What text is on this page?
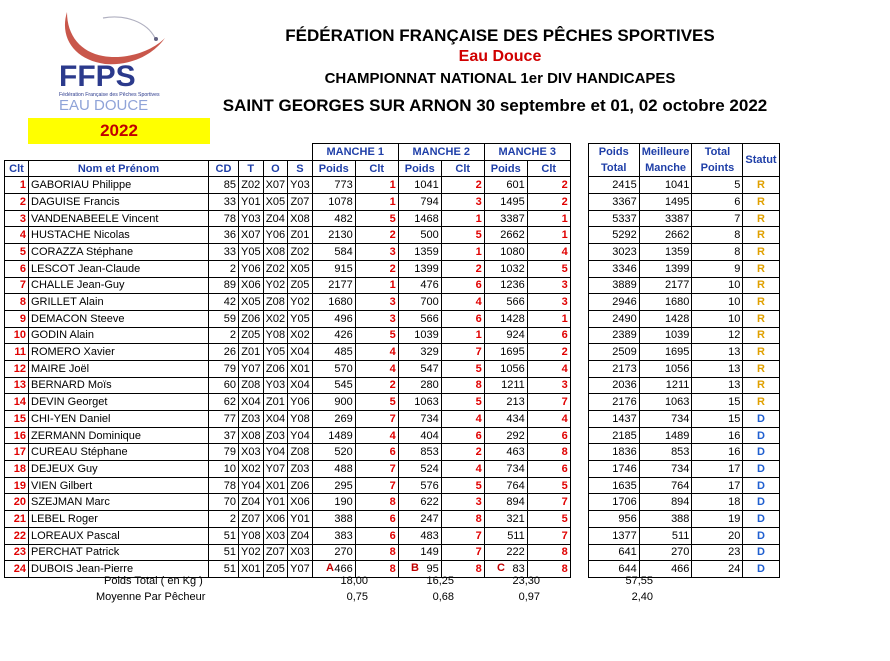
FFPS
Fédération Française des Pêches Sportives
EAU DOUCE
FÉDÉRATION FRANÇAISE DES PÊCHES SPORTIVES
Eau Douce
CHAMPIONNAT NATIONAL 1er DIV HANDICAPES
SAINT GEORGES SUR ARNON 30 septembre et 01, 02 octobre 2022
2022
						MANCHE 1		MANCHE 2		MANCHE 3			Poids	Meilleure	Total	Statut
Clt	Nom et Prénom	CD	T	O	S	Poids	Clt	Poids	Clt	Poids	Clt		Total	Manche	Points	
1	GABORIAU Philippe	85	Z02	X07	Y03	773	1	1041	2	601	2		2415	1041	5	R
2	DAGUISE Francis	33	Y01	X05	Z07	1078	1	794	3	1495	2		3367	1495	6	R
3	VANDENABEELE Vincent	78	Y03	Z04	X08	482	5	1468	1	3387	1		5337	3387	7	R
4	HUSTACHE Nicolas	36	X07	Y06	Z01	2130	2	500	5	2662	1		5292	2662	8	R
5	CORAZZA Stéphane	33	Y05	X08	Z02	584	3	1359	1	1080	4		3023	1359	8	R
6	LESCOT Jean-Claude	2	Y06	Z02	X05	915	2	1399	2	1032	5		3346	1399	9	R
7	CHALLE Jean-Guy	89	X06	Y02	Z05	2177	1	476	6	1236	3		3889	2177	10	R
8	GRILLET Alain	42	X05	Z08	Y02	1680	3	700	4	566	3		2946	1680	10	R
9	DEMACON Steeve	59	Z06	X02	Y05	496	3	566	6	1428	1		2490	1428	10	R
10	GODIN Alain	2	Z05	Y08	X02	426	5	1039	1	924	6		2389	1039	12	R
11	ROMERO Xavier	26	Z01	Y05	X04	485	4	329	7	1695	2		2509	1695	13	R
12	MAIRE Joël	79	Y07	Z06	X01	570	4	547	5	1056	4		2173	1056	13	R
13	BERNARD Moïs	60	Z08	Y03	X04	545	2	280	8	1211	3		2036	1211	13	R
14	DEVIN Georget	62	X04	Z01	Y06	900	5	1063	5	213	7		2176	1063	15	R
15	CHI-YEN Daniel	77	Z03	X04	Y08	269	7	734	4	434	4		1437	734	15	D
16	ZERMANN Dominique	37	X08	Z03	Y04	1489	4	404	6	292	6		2185	1489	16	D
17	CUREAU Stéphane	79	X03	Y04	Z08	520	6	853	2	463	8		1836	853	16	D
18	DEJEUX Guy	10	X02	Y07	Z03	488	7	524	4	734	6		1746	734	17	D
19	VIEN Gilbert	78	Y04	X01	Z06	295	7	576	5	764	5		1635	764	17	D
20	SZEJMAN Marc	70	Z04	Y01	X06	190	8	622	3	894	7		1706	894	18	D
21	LEBEL Roger	2	Z07	X06	Y01	388	6	247	8	321	5		956	388	19	D
22	LOREAUX Pascal	51	Y08	X03	Z04	383	6	483	7	511	7		1377	511	20	D
23	PERCHAT Patrick	51	Y02	Z07	X03	270	8	149	7	222	8		641	270	23	D
24	DUBOIS Jean-Pierre	51	X01	Z05	Y07	466	8	95	8	83	8		644	466	24	D
A	B	C
Poids Total ( en Kg )	18,00	16,25	23,30	57,55
Moyenne Par Pêcheur	0,75	0,68	0,97	2,40
